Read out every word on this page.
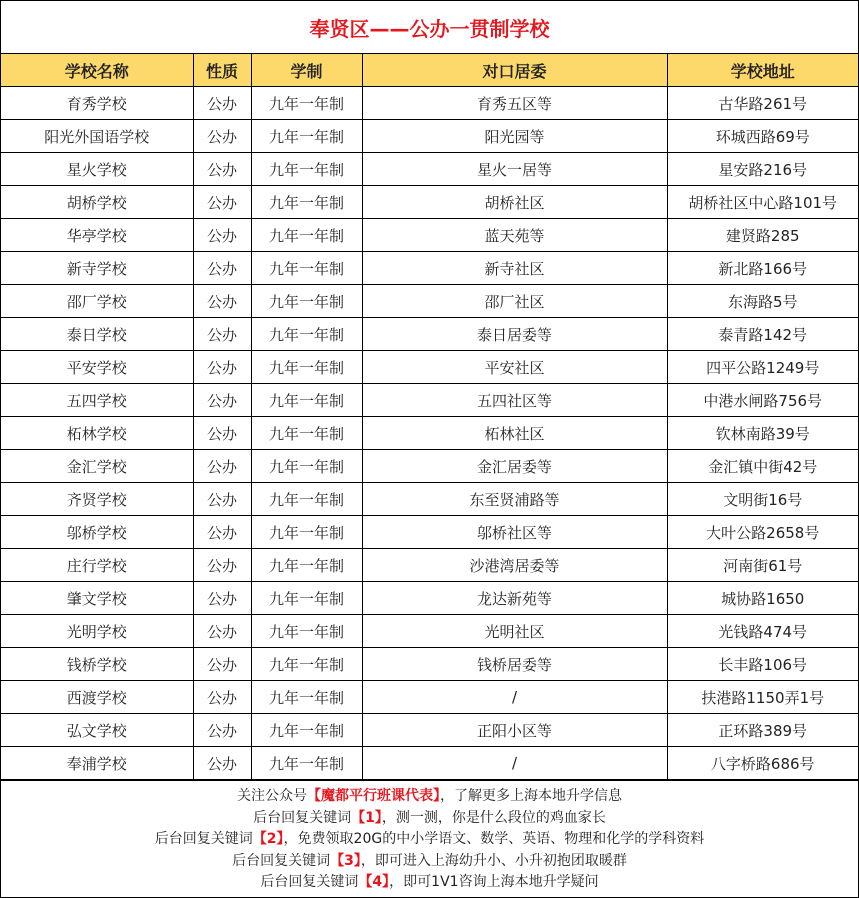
奉贤区——公办一贯制学校
学校名称	性质	学制	对口居委	学校地址
育秀学校	公办	九年一年制	育秀五区等	古华路261号
阳光外国语学校	公办	九年一年制	阳光园等	环城西路69号
星火学校	公办	九年一年制	星火一居等	星安路216号
胡桥学校	公办	九年一年制	胡桥社区	胡桥社区中心路101号
华亭学校	公办	九年一年制	蓝天苑等	建贤路285
新寺学校	公办	九年一年制	新寺社区	新北路166号
邵厂学校	公办	九年一年制	邵厂社区	东海路5号
泰日学校	公办	九年一年制	泰日居委等	泰青路142号
平安学校	公办	九年一年制	平安社区	四平公路1249号
五四学校	公办	九年一年制	五四社区等	中港水闸路756号
柘林学校	公办	九年一年制	柘林社区	钦林南路39号
金汇学校	公办	九年一年制	金汇居委等	金汇镇中街42号
齐贤学校	公办	九年一年制	东至贤浦路等	文明街16号
邬桥学校	公办	九年一年制	邬桥社区等	大叶公路2658号
庄行学校	公办	九年一年制	沙港湾居委等	河南街61号
肇文学校	公办	九年一年制	龙达新苑等	城协路1650
光明学校	公办	九年一年制	光明社区	光钱路474号
钱桥学校	公办	九年一年制	钱桥居委等	长丰路106号
西渡学校	公办	九年一年制	/	扶港路1150弄1号
弘文学校	公办	九年一年制	正阳小区等	正环路389号
奉浦学校	公办	九年一年制	/	八字桥路686号
关注公众号【魔都平行班课代表】，了解更多上海本地升学信息
后台回复关键词【1】，测一测，你是什么段位的鸡血家长
后台回复关键词【2】，免费领取20G的中小学语文、数学、英语、物理和化学的学科资料
后台回复关键词【3】，即可进入上海幼升小、小升初抱团取暖群
后台回复关键词【4】，即可1V1咨询上海本地升学疑问
